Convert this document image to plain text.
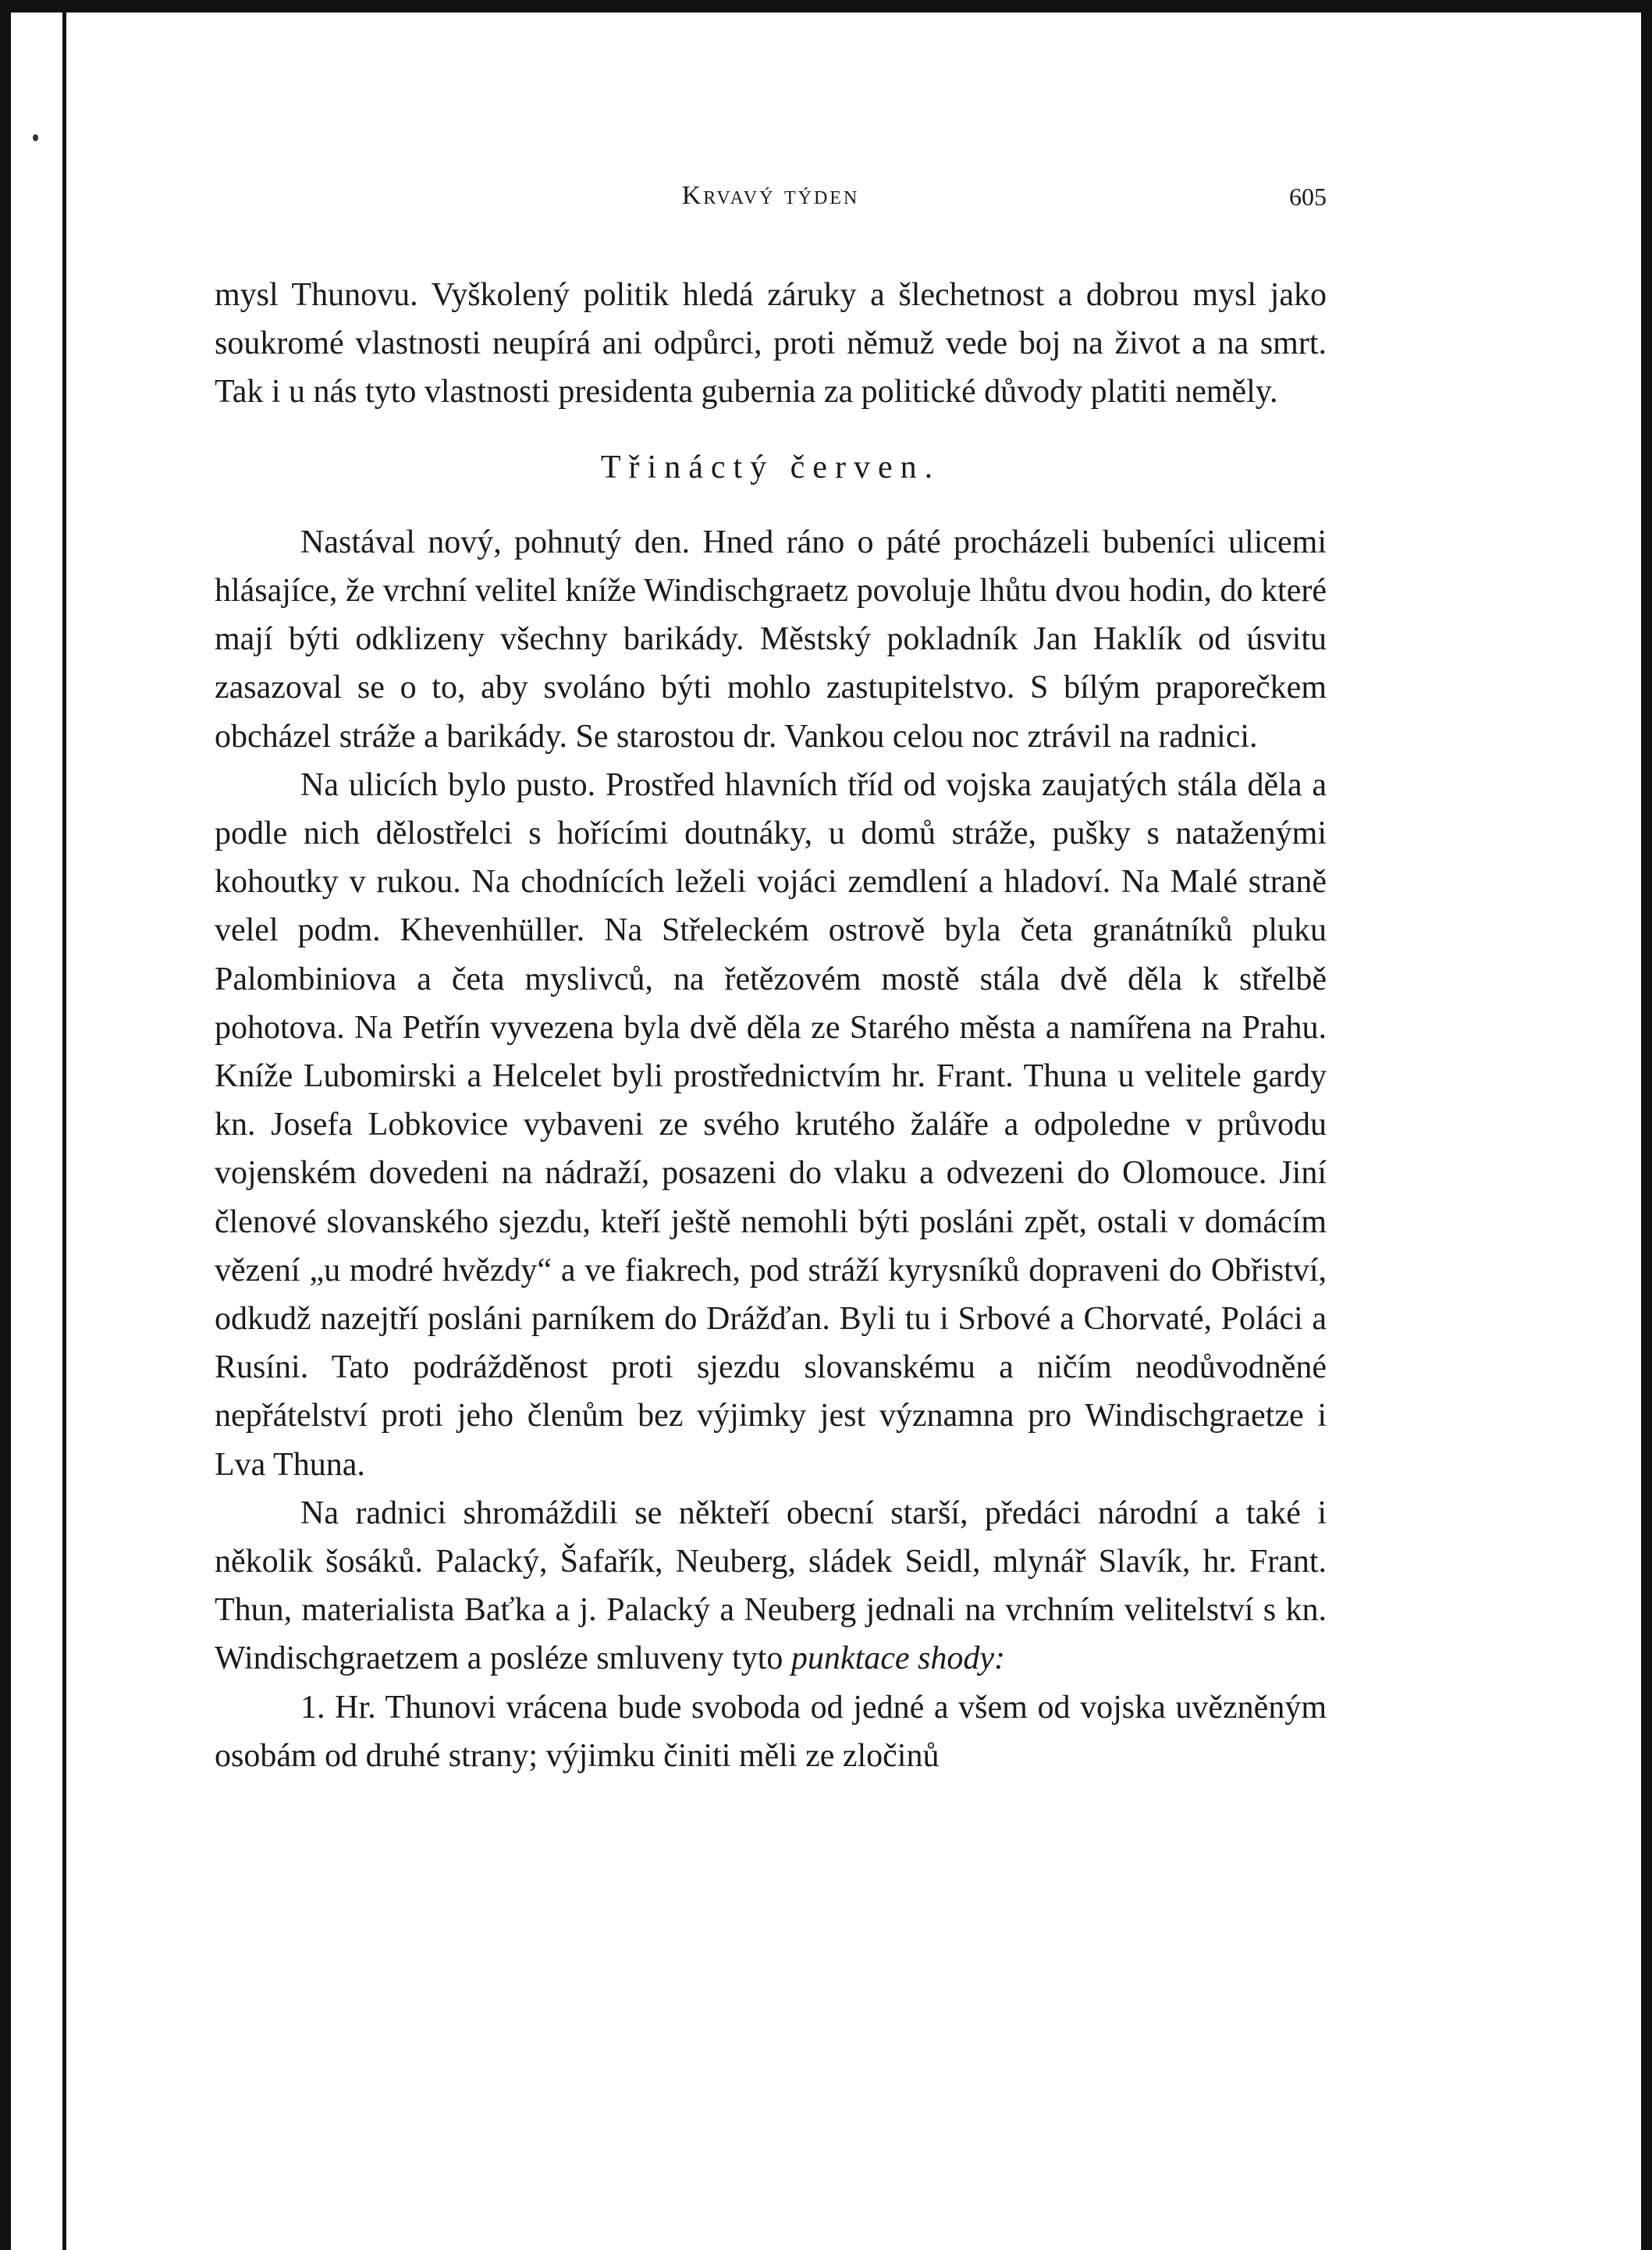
Krvavý týden	605

mysl Thunovu. Vyškolený politik hledá záruky a šlechetnost a dobrou mysl jako soukromé vlastnosti neupírá ani odpůrci, proti němuž vede boj na život a na smrt. Tak i u nás tyto vlastnosti presidenta gubernia za politické důvody platiti neměly.

Třináctý červen.

Nastával nový, pohnutý den. Hned ráno o páté procházeli bubeníci ulicemi hlásajíce, že vrchní velitel kníže Windischgraetz povoluje lhůtu dvou hodin, do které mají býti odklizeny všechny barikády. Městský pokladník Jan Haklík od úsvitu zasazoval se o to, aby svoláno býti mohlo zastupitelstvo. S bílým praporečkem obcházel stráže a barikády. Se starostou dr. Vankou celou noc ztrávil na radnici.

Na ulicích bylo pusto. Prostřed hlavních tříd od vojska zaujatých stála děla a podle nich dělostřelci s hořícími doutnáky, u domů stráže, pušky s nataženými kohoutky v rukou. Na chodnících leželi vojáci zemdlení a hladoví. Na Malé straně velel podm. Khevenhüller. Na Střeleckém ostrově byla četa granátníků pluku Palombiniova a četa myslivců, na řetězovém mostě stála dvě děla k střelbě pohotova. Na Petřín vyvezena byla dvě děla ze Starého města a namířena na Prahu. Kníže Lubomirski a Helcelet byli prostřednictvím hr. Frant. Thuna u velitele gardy kn. Josefa Lobkovice vybaveni ze svého krutého žaláře a odpoledne v průvodu vojenském dovedeni na nádraží, posazeni do vlaku a odvezeni do Olomouce. Jiní členové slovanského sjezdu, kteří ještě nemohli býti posláni zpět, ostali v domácím vězení „u modré hvězdy“ a ve fiakrech, pod stráží kyrysníků dopraveni do Obřiství, odkudž nazejtří posláni parníkem do Drážďan. Byli tu i Srbové a Chorvaté, Poláci a Rusíni. Tato podrážděnost proti sjezdu slovanskému a ničím neodůvodněné nepřátelství proti jeho členům bez výjimky jest významna pro Windischgraetze i Lva Thuna.

Na radnici shromáždili se někteří obecní starší, předáci národní a také i několik šosáků. Palacký, Šafařík, Neuberg, sládek Seidl, mlynář Slavík, hr. Frant. Thun, materialista Baťka a j. Palacký a Neuberg jednali na vrchním velitelství s kn. Windischgraetzem a posléze smluveny tyto punktace shody:

1. Hr. Thunovi vrácena bude svoboda od jedné a všem od vojska uvězněným osobám od druhé strany; výjimku činiti měli ze zločinů
